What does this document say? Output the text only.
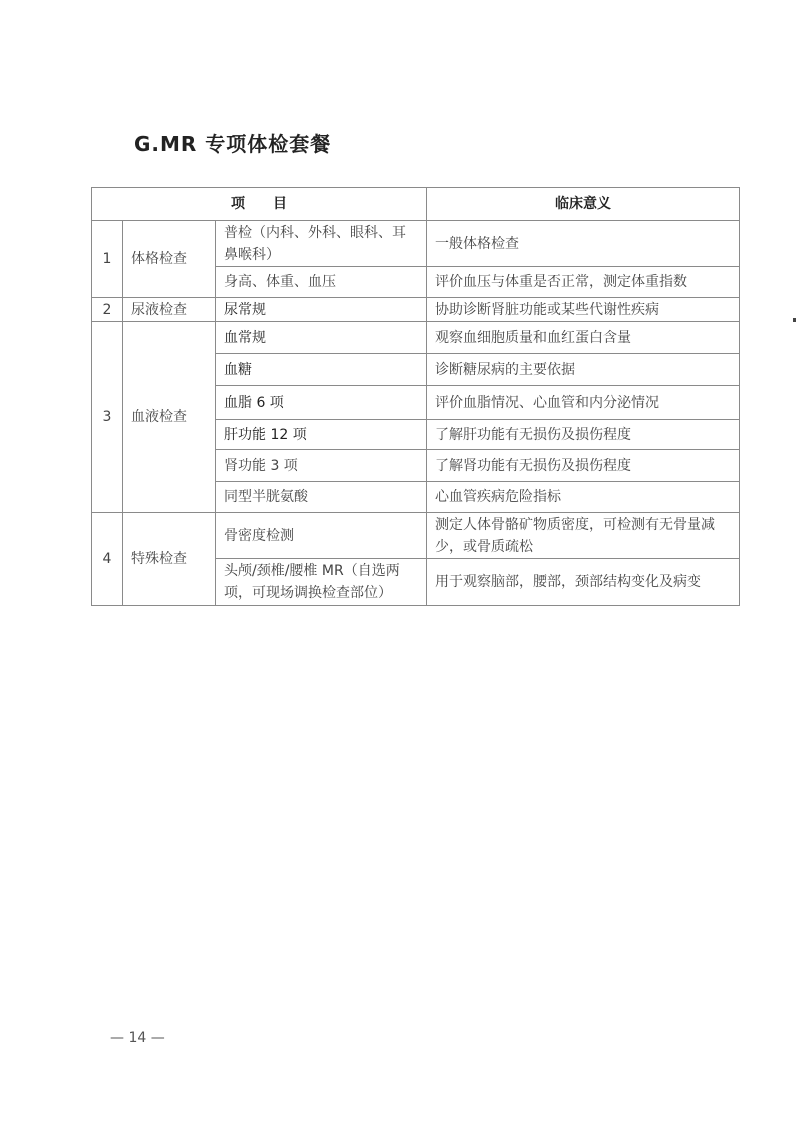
G.MR 专项体检套餐
项　　目			临床意义
1	体格检查	普检（内科、外科、眼科、耳鼻喉科）	一般体格检查
		身高、体重、血压	评价血压与体重是否正常，测定体重指数
2	尿液检查	尿常规	协助诊断肾脏功能或某些代谢性疾病
3	血液检查	血常规	观察血细胞质量和血红蛋白含量
		血糖	诊断糖尿病的主要依据
		血脂 6 项	评价血脂情况、心血管和内分泌情况
		肝功能 12 项	了解肝功能有无损伤及损伤程度
		肾功能 3 项	了解肾功能有无损伤及损伤程度
		同型半胱氨酸	心血管疾病危险指标
4	特殊检查	骨密度检测	测定人体骨骼矿物质密度，可检测有无骨量减少，或骨质疏松
		头颅/颈椎/腰椎 MR（自选两项，可现场调换检查部位）	用于观察脑部，腰部，颈部结构变化及病变
— 14 —
